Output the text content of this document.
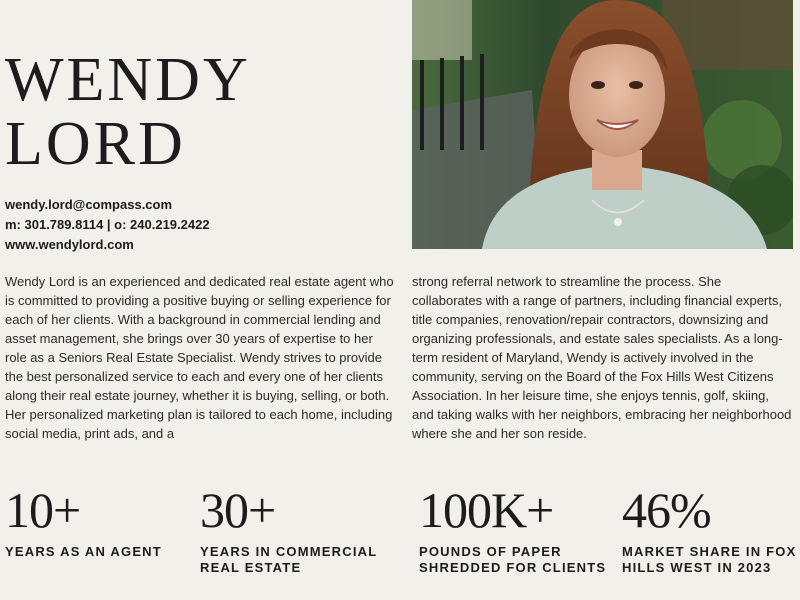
WENDY
LORD
wendy.lord@compass.com
m: 301.789.8114 | o: 240.219.2422
www.wendylord.com
Wendy Lord is an experienced and dedicated real estate agent who is committed to providing a positive buying or selling experience for each of her clients. With a background in commercial lending and asset management, she brings over 30 years of expertise to her role as a Seniors Real Estate Specialist. Wendy strives to provide the best personalized service to each and every one of her clients along their real estate journey, whether it is buying, selling, or both. Her personalized marketing plan is tailored to each home, including social media, print ads, and a
strong referral network to streamline the process. She collaborates with a range of partners, including financial experts, title companies, renovation/repair contractors, downsizing and organizing professionals, and estate sales specialists. As a long-term resident of Maryland, Wendy is actively involved in the community, serving on the Board of the Fox Hills West Citizens Association. In her leisure time, she enjoys tennis, golf, skiing, and taking walks with her neighbors, embracing her neighborhood where she and her son reside.
10+
YEARS AS AN AGENT
30+
YEARS IN COMMERCIAL REAL ESTATE
100K+
POUNDS OF PAPER SHREDDED FOR CLIENTS
46%
MARKET SHARE IN FOX HILLS WEST IN 2023
